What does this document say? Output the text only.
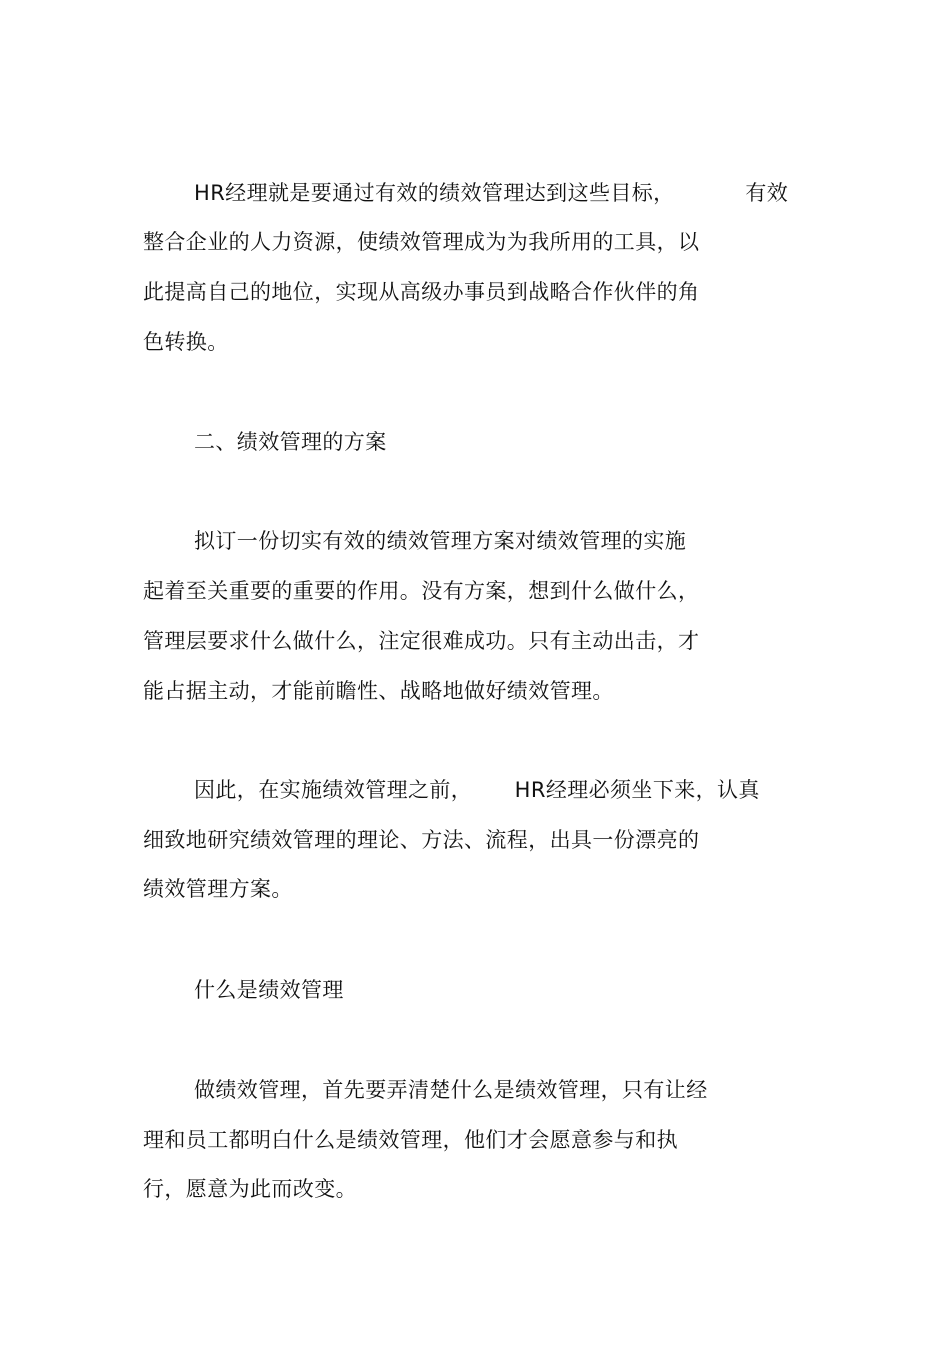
HR经理就是要通过有效的绩效管理达到这些目标，          有效
整合企业的人力资源，使绩效管理成为为我所用的工具，以
此提高自己的地位，实现从高级办事员到战略合作伙伴的角
色转换。
二、绩效管理的方案
拟订一份切实有效的绩效管理方案对绩效管理的实施
起着至关重要的重要的作用。没有方案，想到什么做什么，
管理层要求什么做什么，注定很难成功。只有主动出击，才
能占据主动，才能前瞻性、战略地做好绩效管理。
因此，在实施绩效管理之前，      HR经理必须坐下来，认真
细致地研究绩效管理的理论、方法、流程，出具一份漂亮的
绩效管理方案。
什么是绩效管理
做绩效管理，首先要弄清楚什么是绩效管理，只有让经
理和员工都明白什么是绩效管理，他们才会愿意参与和执
行，愿意为此而改变。
